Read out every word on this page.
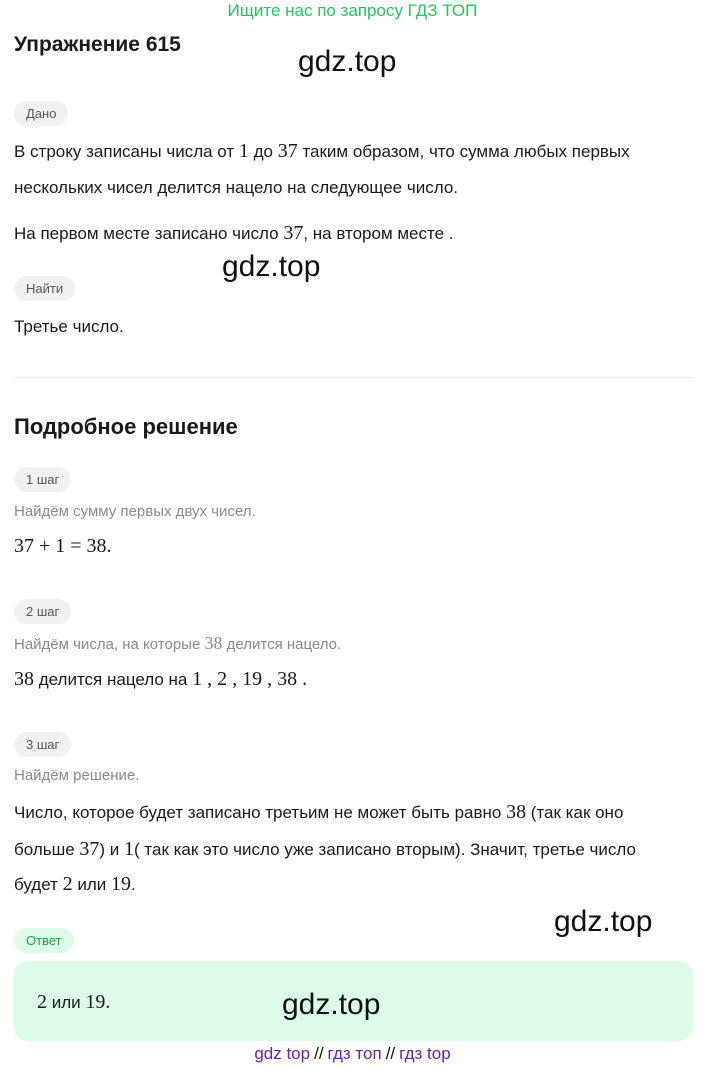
Ищите нас по запросу ГДЗ ТОП
Упражнение 615
gdz.top
Дано
В строку записаны числа от 1 до 37 таким образом, что сумма любых первых
нескольких чисел делится нацело на следующее число.
На первом месте записано число 37, на втором месте .
gdz.top
Найти
Третье число.
Подробное решение
1 шаг
Найдём сумму первых двух чисел.
37 + 1 = 38.
2 шаг
Найдём числа, на которые 38 делится нацело.
38 делится нацело на 1 , 2 , 19 , 38 .
3 шаг
Найдём решение.
Число, которое будет записано третьим не может быть равно 38 (так как оно
больше 37) и 1( так как это число уже записано вторым). Значит, третье число
будет 2 или 19.
gdz.top
Ответ
2 или 19.	gdz.top
gdz top // гдз топ // гдз top
